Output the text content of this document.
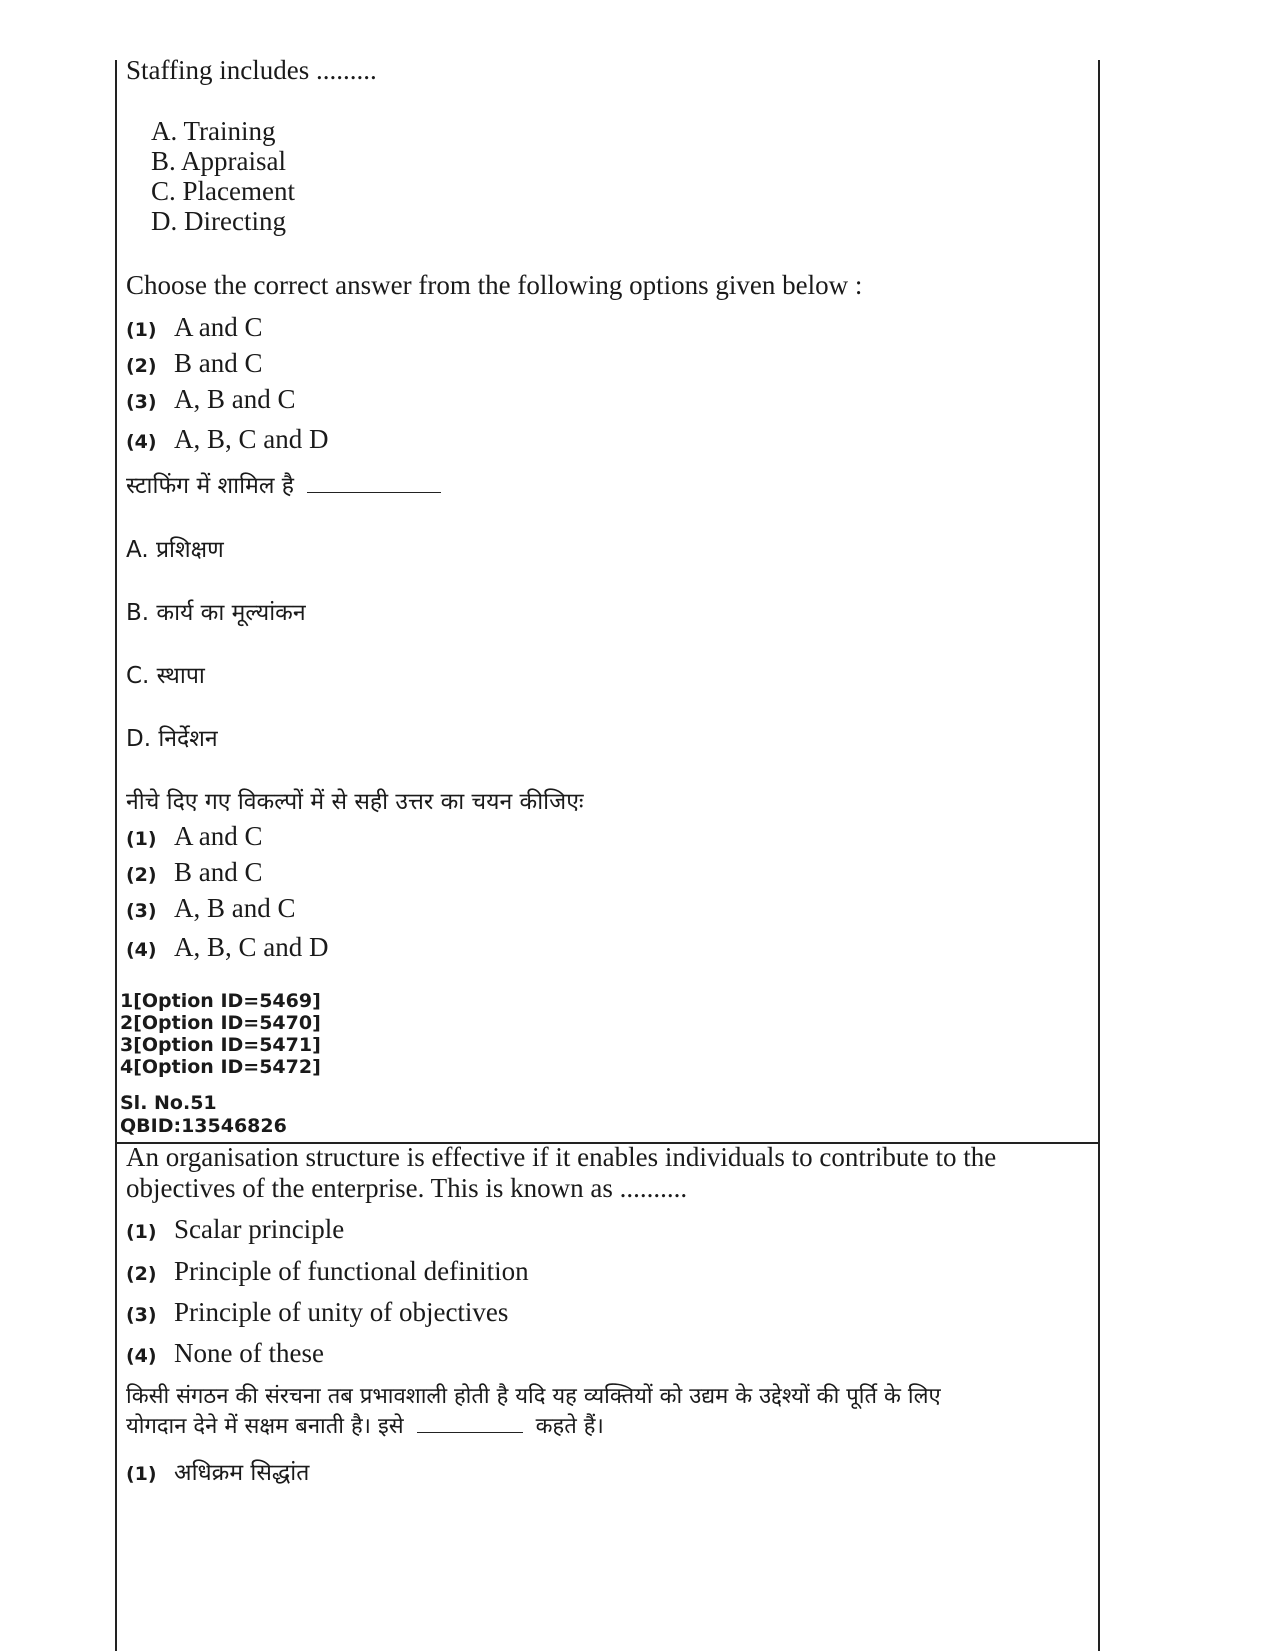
Staffing includes .........
A. Training
B. Appraisal
C. Placement
D. Directing
Choose the correct answer from the following options given below :
(1) A and C
(2) B and C
(3) A, B and C
(4) A, B, C and D
स्टाफिंग में शामिल है
A. प्रशिक्षण
B. कार्य का मूल्यांकन
C. स्थापा
D. निर्देशन
नीचे दिए गए विकल्पों में से सही उत्तर का चयन कीजिएः
(1) A and C
(2) B and C
(3) A, B and C
(4) A, B, C and D
1[Option ID=5469]
2[Option ID=5470]
3[Option ID=5471]
4[Option ID=5472]
Sl. No.51
QBID:13546826
An organisation structure is effective if it enables individuals to contribute to the
objectives of the enterprise. This is known as ..........
(1) Scalar principle
(2) Principle of functional definition
(3) Principle of unity of objectives
(4) None of these
किसी संगठन की संरचना तब प्रभावशाली होती है यदि यह व्यक्तियों को उद्यम के उद्देश्यों की पूर्ति के लिए
योगदान देने में सक्षम बनाती है। इसे	कहते हैं।
(1) अधिक्रम सिद्धांत
